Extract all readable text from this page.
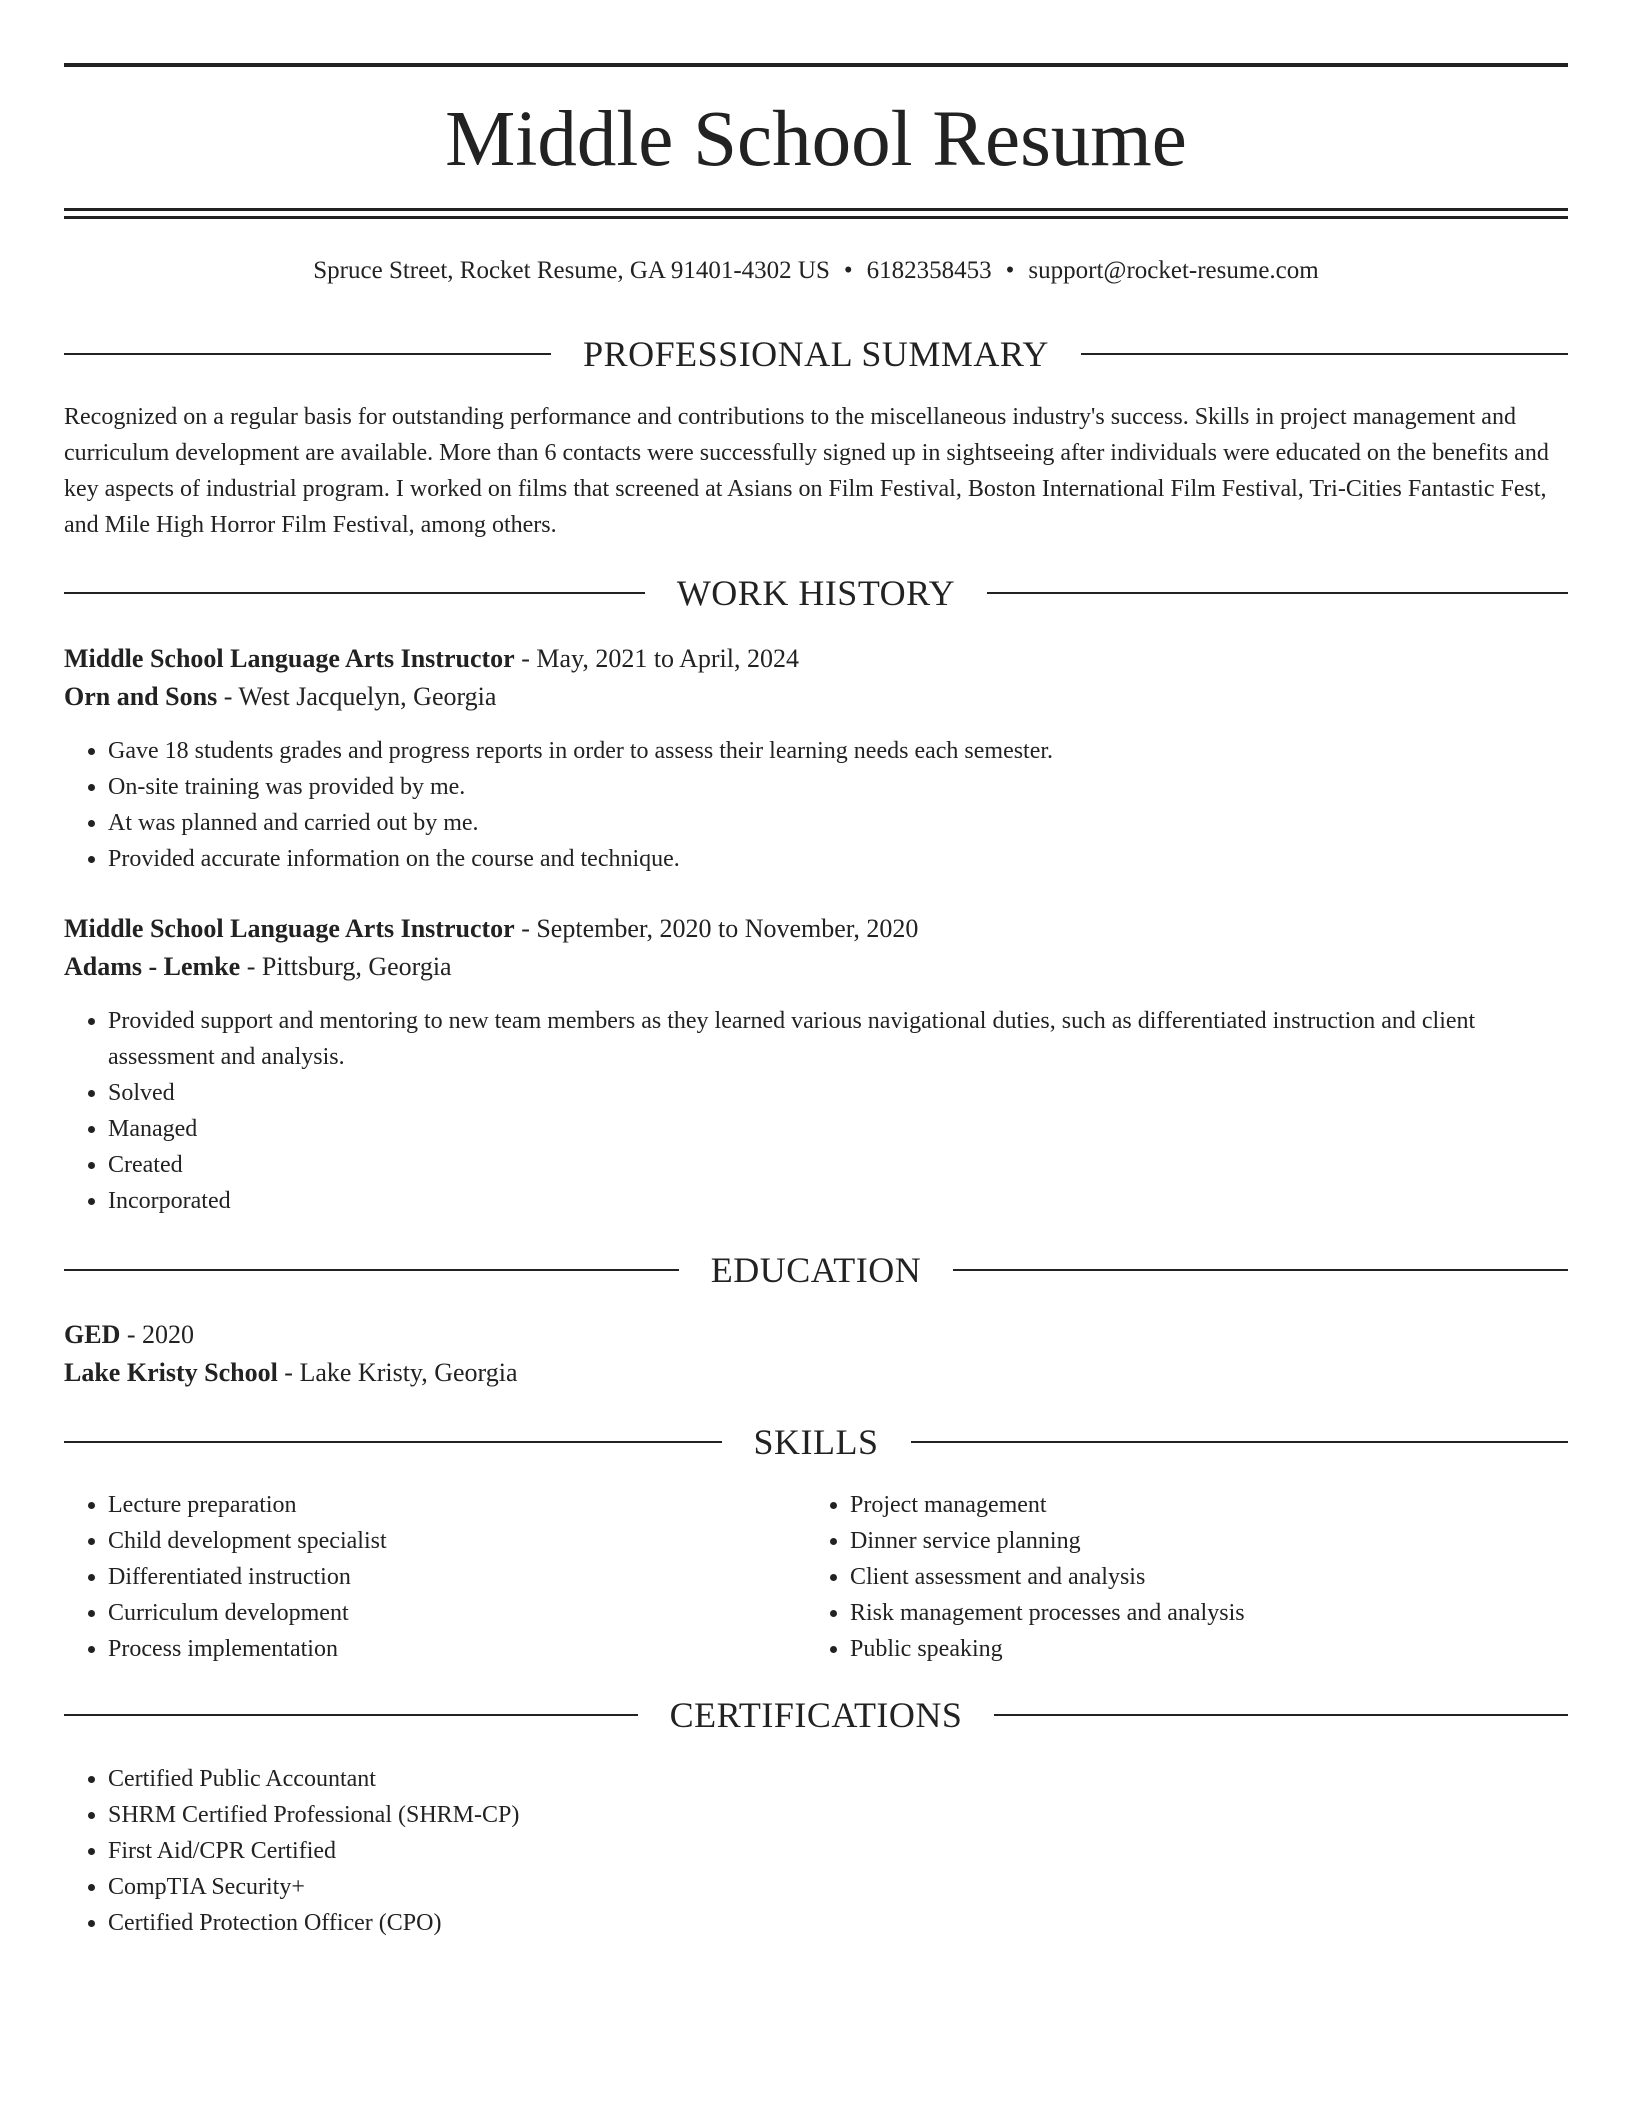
Middle School Resume
Spruce Street, Rocket Resume, GA 91401-4302 US • 6182358453 • support@rocket-resume.com
PROFESSIONAL SUMMARY

Recognized on a regular basis for outstanding performance and contributions to the miscellaneous industry's success. Skills in project management and curriculum development are available. More than 6 contacts were successfully signed up in sightseeing after individuals were educated on the benefits and key aspects of industrial program. I worked on films that screened at Asians on Film Festival, Boston International Film Festival, Tri-Cities Fantastic Fest, and Mile High Horror Film Festival, among others.

WORK HISTORY
Middle School Language Arts Instructor - May, 2021 to April, 2024
Orn and Sons - West Jacquelyn, Georgia
• Gave 18 students grades and progress reports in order to assess their learning needs each semester.
• On-site training was provided by me.
• At was planned and carried out by me.
• Provided accurate information on the course and technique.
Middle School Language Arts Instructor - September, 2020 to November, 2020
Adams - Lemke - Pittsburg, Georgia
• Provided support and mentoring to new team members as they learned various navigational duties, such as differentiated instruction and client assessment and analysis.
• Solved
• Managed
• Created
• Incorporated
EDUCATION
GED - 2020
Lake Kristy School - Lake Kristy, Georgia
SKILLS
• Lecture preparation
• Child development specialist
• Differentiated instruction
• Curriculum development
• Process implementation
• Project management
• Dinner service planning
• Client assessment and analysis
• Risk management processes and analysis
• Public speaking
CERTIFICATIONS
• Certified Public Accountant
• SHRM Certified Professional (SHRM-CP)
• First Aid/CPR Certified
• CompTIA Security+
• Certified Protection Officer (CPO)
